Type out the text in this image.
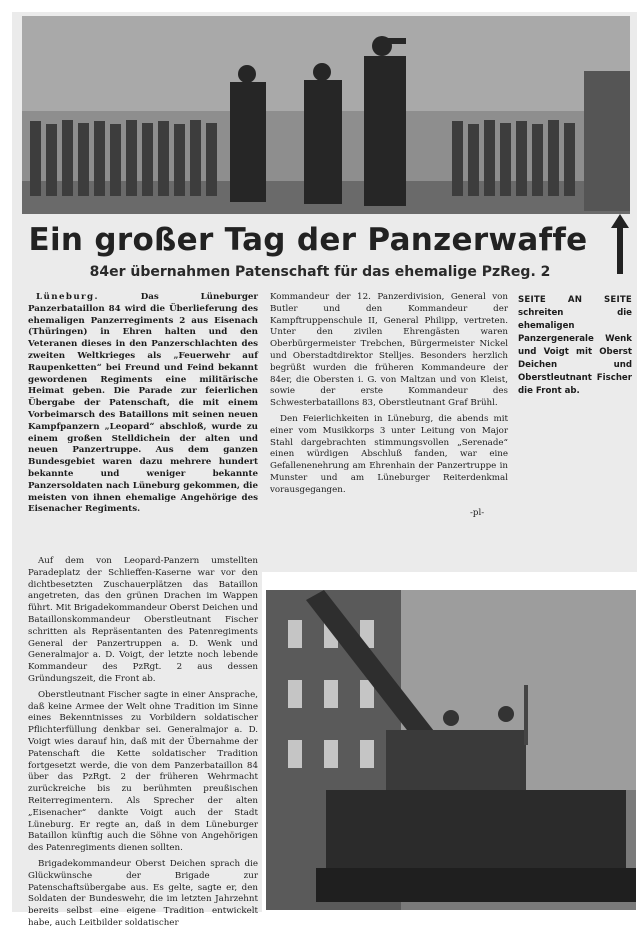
Ein großer Tag der Panzerwaffe
84er übernahmen Patenschaft für das ehemalige PzReg. 2

Lüneburg.	Das Lüneburger Panzerbataillon 84 wird die Überlieferung des ehemaligen Panzerregiments 2 aus Eisenach (Thüringen) in Ehren halten und den Veteranen dieses in den Panzerschlachten des zweiten Weltkrieges als „Feuerwehr auf Raupenketten“ bei Freund und Feind bekannt gewordenen Regiments eine militärische Heimat geben. Die Parade zur feierlichen Übergabe der Patenschaft, die mit einem Vorbeimarsch des Bataillons mit seinen neuen Kampfpanzern „Leopard“ abschloß, wurde zu einem großen Stelldichein der alten und neuen Panzertruppe. Aus dem ganzen Bundesgebiet waren dazu mehrere hundert bekannte und weniger bekannte Panzersoldaten nach Lüneburg gekommen, die meisten von ihnen ehemalige Angehörige des Eisenacher Regiments.

Auf dem von Leopard-Panzern umstellten Paradeplatz der Schlieffen-Kaserne war vor den dichtbesetzten Zuschauerplätzen das Bataillon angetreten, das den grünen Drachen im Wappen führt. Mit Brigadekommandeur Oberst Deichen und Bataillonskommandeur Oberstleutnant Fischer schritten als Repräsentanten des Patenregiments General der Panzertruppen a. D. Wenk und Generalmajor a. D. Voigt, der letzte noch lebende Kommandeur des PzRgt. 2 aus dessen Gründungszeit, die Front ab.

Oberstleutnant Fischer sagte in einer Ansprache, daß keine Armee der Welt ohne Tradition im Sinne eines Bekenntnisses zu Vorbildern soldatischer Pflichterfüllung denkbar sei. Generalmajor a. D. Voigt wies darauf hin, daß mit der Übernahme der Patenschaft die Kette soldatischer Tradition fortgesetzt werde, die von dem Panzerbataillon 84 über das PzRgt. 2 der früheren Wehrmacht zurückreiche bis zu berühmten preußischen Reiterregimentern. Als Sprecher der alten „Eisenacher“ dankte Voigt auch der Stadt Lüneburg. Er regte an, daß in dem Lüneburger Bataillon künftig auch die Söhne von Angehörigen des Patenregiments dienen sollten.

Brigadekommandeur Oberst Deichen sprach die Glückwünsche der Brigade zur Patenschaftsübergabe aus. Es gelte, sagte er, den Soldaten der Bundeswehr, die im letzten Jahrzehnt bereits selbst eine eigene Tradition entwickelt habe, auch Leitbilder soldatischer

Kommandeur der 12. Panzerdivision, General von Butler und den Kommandeur der Kampftruppenschule II, General Philipp, vertreten. Unter den zivilen Ehrengästen waren Oberbürgermeister Trebchen, Bürgermeister Nickel und Oberstadtdirektor Stelljes. Besonders herzlich begrüßt wurden die früheren Kommandeure der 84er, die Obersten i. G. von Maltzan und von Kleist, sowie der erste Kommandeur des Schwesterbataillons 83, Oberstleutnant Graf Brühl.

Den Feierlichkeiten in Lüneburg, die abends mit einer vom Musikkorps 3 unter Leitung von Major Stahl dargebrachten stimmungsvollen „Serenade“ einen würdigen Abschluß fanden, war eine Gefallenenehrung am Ehrenhain der Panzertruppe in Munster und am Lüneburger Reiterdenkmal vorausgegangen.

-pl-

SEITE AN SEITE schreiten die ehemaligen Panzergenerale Wenk und Voigt mit Oberst Deichen und Oberstleutnant Fischer die Front ab.
